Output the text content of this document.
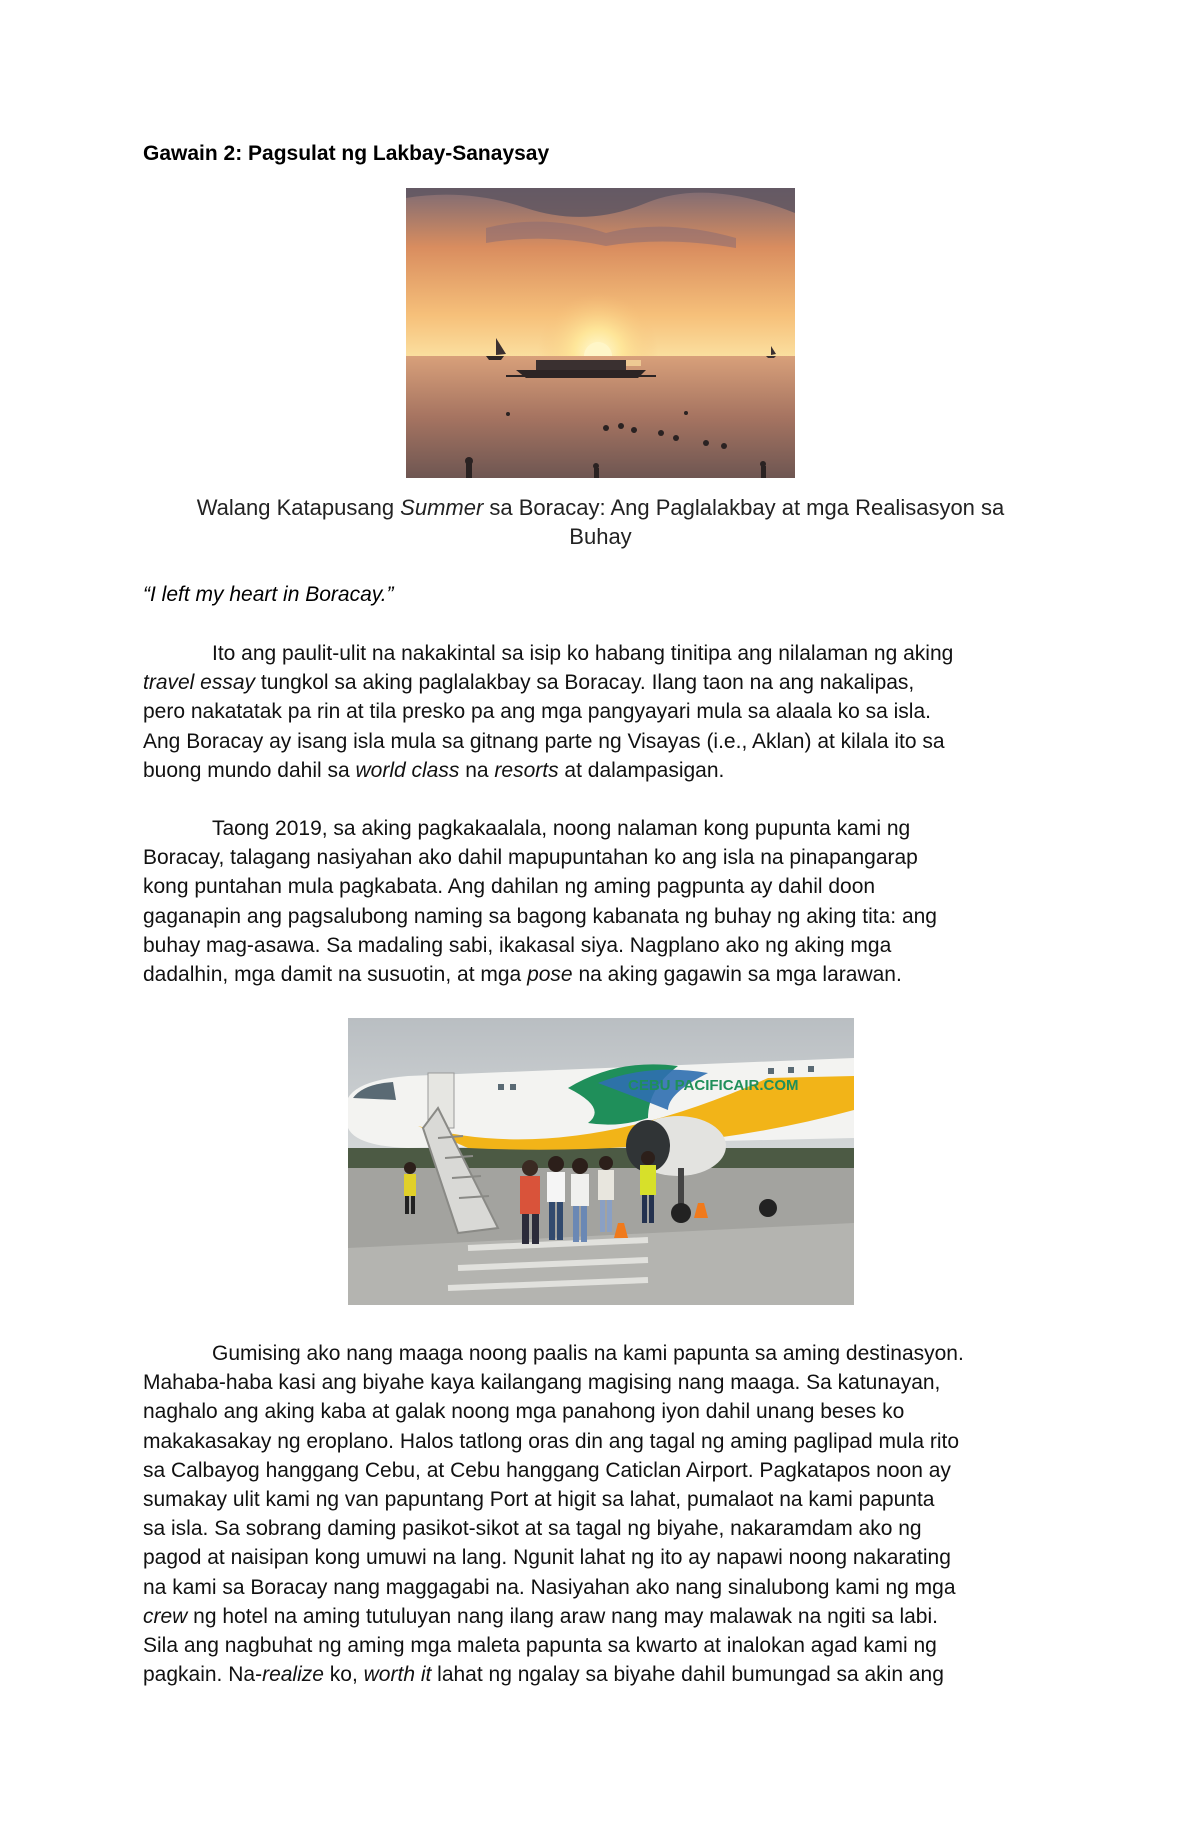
Gawain 2: Pagsulat ng Lakbay-Sanaysay
Walang Katapusang Summer sa Boracay: Ang Paglalakbay at mga Realisasyon sa
Buhay
“I left my heart in Boracay.”
Ito ang paulit-ulit na nakakintal sa isip ko habang tinitipa ang nilalaman ng aking
travel essay tungkol sa aking paglalakbay sa Boracay. Ilang taon na ang nakalipas,
pero nakatatak pa rin at tila presko pa ang mga pangyayari mula sa alaala ko sa isla.
Ang Boracay ay isang isla mula sa gitnang parte ng Visayas (i.e., Aklan) at kilala ito sa
buong mundo dahil sa world class na resorts at dalampasigan.
Taong 2019, sa aking pagkakaalala, noong nalaman kong pupunta kami ng
Boracay, talagang nasiyahan ako dahil mapupuntahan ko ang isla na pinapangarap
kong puntahan mula pagkabata. Ang dahilan ng aming pagpunta ay dahil doon
gaganapin ang pagsalubong naming sa bagong kabanata ng buhay ng aking tita: ang
buhay mag-asawa. Sa madaling sabi, ikakasal siya. Nagplano ako ng aking mga
dadalhin, mga damit na susuotin, at mga pose na aking gagawin sa mga larawan.
CEBU PACIFICAIR.COM
Gumising ako nang maaga noong paalis na kami papunta sa aming destinasyon.
Mahaba-haba kasi ang biyahe kaya kailangang magising nang maaga. Sa katunayan,
naghalo ang aking kaba at galak noong mga panahong iyon dahil unang beses ko
makakasakay ng eroplano. Halos tatlong oras din ang tagal ng aming paglipad mula rito
sa Calbayog hanggang Cebu, at Cebu hanggang Caticlan Airport. Pagkatapos noon ay
sumakay ulit kami ng van papuntang Port at higit sa lahat, pumalaot na kami papunta
sa isla. Sa sobrang daming pasikot-sikot at sa tagal ng biyahe, nakaramdam ako ng
pagod at naisipan kong umuwi na lang. Ngunit lahat ng ito ay napawi noong nakarating
na kami sa Boracay nang maggagabi na. Nasiyahan ako nang sinalubong kami ng mga
crew ng hotel na aming tutuluyan nang ilang araw nang may malawak na ngiti sa labi.
Sila ang nagbuhat ng aming mga maleta papunta sa kwarto at inalokan agad kami ng
pagkain. Na-realize ko, worth it lahat ng ngalay sa biyahe dahil bumungad sa akin ang
